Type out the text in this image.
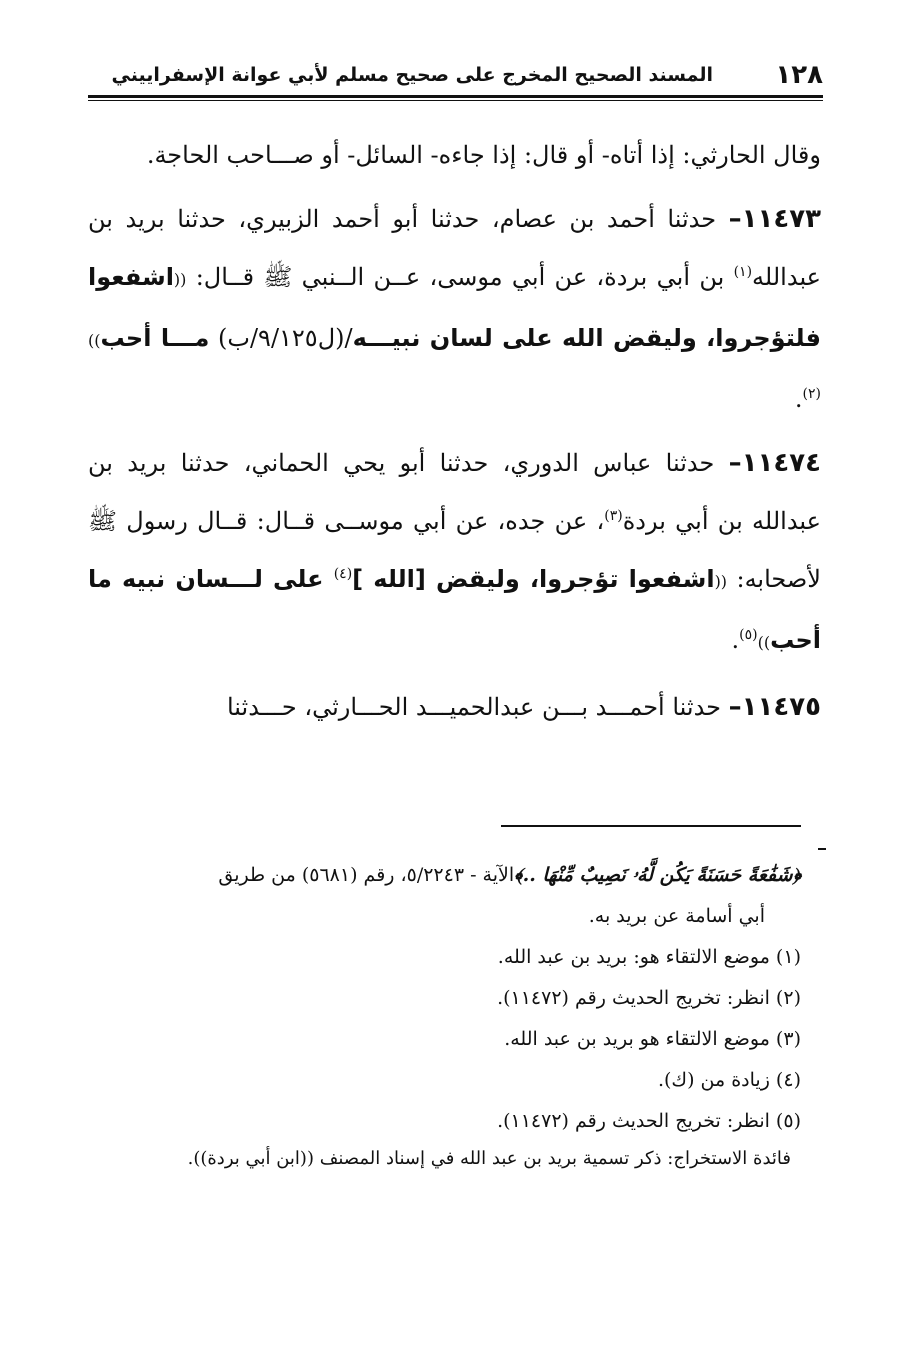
١٢٨
المسند الصحيح المخرج على صحيح مسلم لأبي عوانة الإسفراييني

وقال الحارثي: إذا أتاه- أو قال: إذا جاءه- السائل- أو صـــاحب الحاجة.

١١٤٧٣– حدثنا أحمد بن عصام، حدثنا أبو أحمد الزبيري، حدثنا بريد بن عبدالله$^{(١)}$ بن أبي بردة، عن أبي موسى، عــن الــنبي ﷺ قــال: ((اشفعوا فلتؤجروا، وليقض الله على لسان نبيـــه/(ل٩/١٢٥/ب) مـــا أحب))$^{(٢)}$.

١١٤٧٤– حدثنا عباس الدوري، حدثنا أبو يحي الحماني، حدثنا بريد بن عبدالله بن أبي بردة$^{(٣)}$، عن جده، عن أبي موســى قــال: قــال رسول ﷺ لأصحابه: ((اشفعوا تؤجروا، وليقض [الله ]$^{(٤)}$ على لـــسان نبيه ما أحب))$^{(٥)}$.

١١٤٧٥– حدثنا أحمـــد بـــن عبدالحميـــد الحـــارثي، حـــدثنا

﴿شَفَٰعَةً حَسَنَةً يَكُن لَّهُۥ نَصِيبٌ مِّنْهَا ..﴾الآية - ٥/٢٢٤٣، رقم (٥٦٨١) من طريق

أبي أسامة عن بريد به.

(١) موضع الالتقاء هو: بريد بن عبد الله.

(٢) انظر: تخريج الحديث رقم (١١٤٧٢).

(٣) موضع الالتقاء هو بريد بن عبد الله.

(٤) زيادة من (ك).

(٥) انظر: تخريج الحديث رقم (١١٤٧٢).

فائدة الاستخراج: ذكر تسمية بريد بن عبد الله في إسناد المصنف ((ابن أبي بردة)).
